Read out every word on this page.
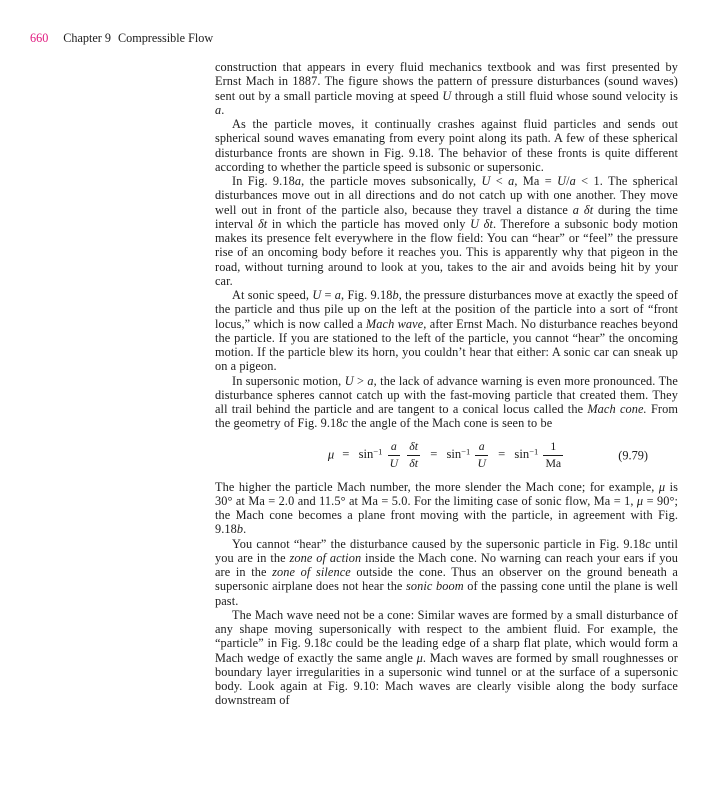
660 Chapter 9 Compressible Flow

construction that appears in every fluid mechanics textbook and was first presented by Ernst Mach in 1887. The figure shows the pattern of pressure disturbances (sound waves) sent out by a small particle moving at speed U through a still fluid whose sound velocity is a.

As the particle moves, it continually crashes against fluid particles and sends out spherical sound waves emanating from every point along its path. A few of these spherical disturbance fronts are shown in Fig. 9.18. The behavior of these fronts is quite different according to whether the particle speed is subsonic or supersonic.

In Fig. 9.18a, the particle moves subsonically, U < a, Ma = U/a < 1. The spherical disturbances move out in all directions and do not catch up with one another. They move well out in front of the particle also, because they travel a distance a δt during the time interval δt in which the particle has moved only U δt. Therefore a subsonic body motion makes its presence felt everywhere in the flow field: You can “hear” or “feel” the pressure rise of an oncoming body before it reaches you. This is apparently why that pigeon in the road, without turning around to look at you, takes to the air and avoids being hit by your car.

At sonic speed, U = a, Fig. 9.18b, the pressure disturbances move at exactly the speed of the particle and thus pile up on the left at the position of the particle into a sort of “front locus,” which is now called a Mach wave, after Ernst Mach. No disturbance reaches beyond the particle. If you are stationed to the left of the particle, you cannot “hear” the oncoming motion. If the particle blew its horn, you couldn’t hear that either: A sonic car can sneak up on a pigeon.

In supersonic motion, U > a, the lack of advance warning is even more pronounced. The disturbance spheres cannot catch up with the fast-moving particle that created them. They all trail behind the particle and are tangent to a conical locus called the Mach cone. From the geometry of Fig. 9.18c the angle of the Mach cone is seen to be

$\mu = \sin^{-1} \frac{a}{U}$
$\frac{\delta t}{\delta t} = \sin^{-1} \frac{a}{U} = \sin^{-1} \frac{1}{Ma}$	(9.79)

The higher the particle Mach number, the more slender the Mach cone; for example, μ is 30° at Ma = 2.0 and 11.5° at Ma = 5.0. For the limiting case of sonic flow, Ma = 1, μ = 90°; the Mach cone becomes a plane front moving with the particle, in agreement with Fig. 9.18b.

You cannot “hear” the disturbance caused by the supersonic particle in Fig. 9.18c until you are in the zone of action inside the Mach cone. No warning can reach your ears if you are in the zone of silence outside the cone. Thus an observer on the ground beneath a supersonic airplane does not hear the sonic boom of the passing cone until the plane is well past.

The Mach wave need not be a cone: Similar waves are formed by a small disturbance of any shape moving supersonically with respect to the ambient fluid. For example, the “particle” in Fig. 9.18c could be the leading edge of a sharp flat plate, which would form a Mach wedge of exactly the same angle μ. Mach waves are formed by small roughnesses or boundary layer irregularities in a supersonic wind tunnel or at the surface of a supersonic body. Look again at Fig. 9.10: Mach waves are clearly visible along the body surface downstream of
